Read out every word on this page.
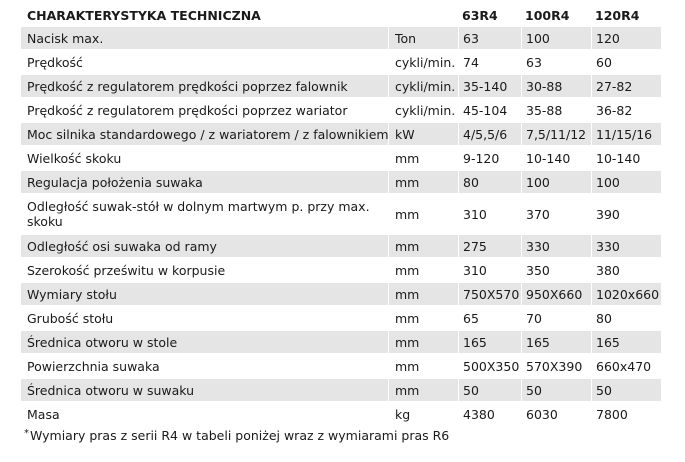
CHARAKTERYSTYKA TECHNICZNA		63R4	100R4	120R4
Nacisk max.	Ton	63	100	120
Prędkość	cykli/min.	74	63	60
Prędkość z regulatorem prędkości poprzez falownik	cykli/min.	35-140	30-88	27-82
Prędkość z regulatorem prędkości poprzez wariator	cykli/min.	45-104	35-88	36-82
Moc silnika standardowego / z wariatorem / z falownikiem	kW	4/5,5/6	7,5/11/12	11/15/16
Wielkość skoku	mm	9-120	10-140	10-140
Regulacja położenia suwaka	mm	80	100	100
Odległość suwak-stół w dolnym martwym p. przy max. skoku	mm	310	370	390
Odległość osi suwaka od ramy	mm	275	330	330
Szerokość prześwitu w korpusie	mm	310	350	380
Wymiary stołu	mm	750X570	950X660	1020x660
Grubość stołu	mm	65	70	80
Średnica otworu w stole	mm	165	165	165
Powierzchnia suwaka	mm	500X350	570X390	660x470
Średnica otworu w suwaku	mm	50	50	50
Masa	kg	4380	6030	7800
*Wymiary pras z serii R4 w tabeli poniżej wraz z wymiarami pras R6
